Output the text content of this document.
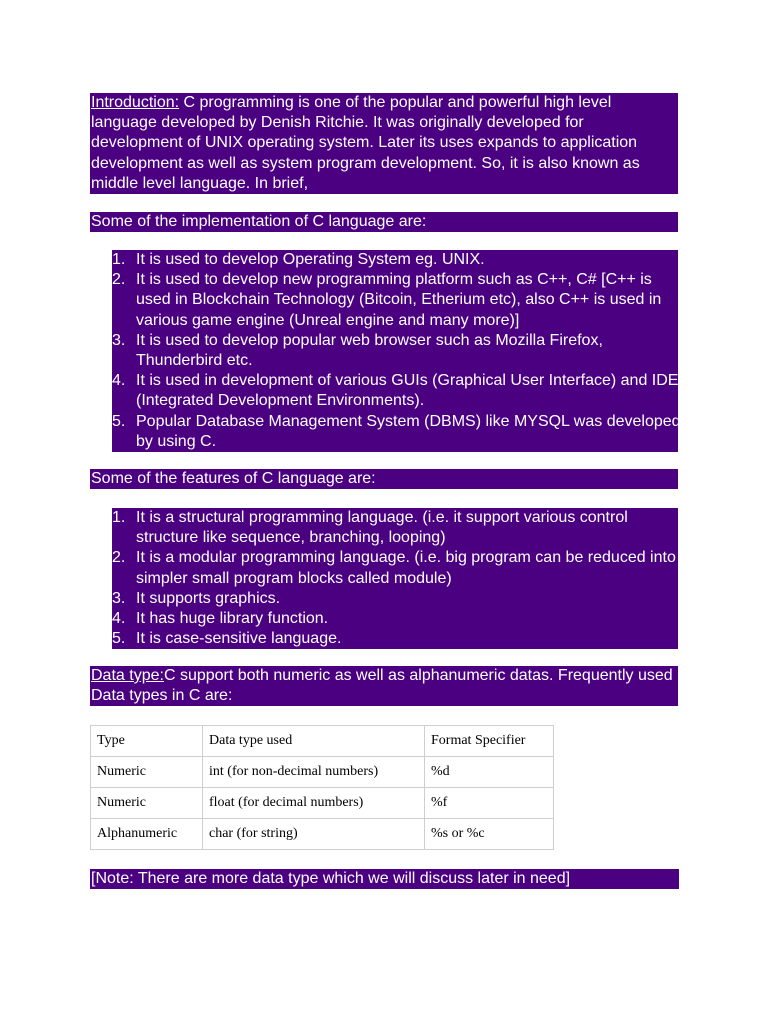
Introduction: C programming is one of the popular and powerful high level language developed by Denish Ritchie. It was originally developed for development of UNIX operating system. Later its uses expands to application development as well as system program development. So, it is also known as middle level language. In brief,

Some of the implementation of C language are:

1. It is used to develop Operating System eg. UNIX.
2. It is used to develop new programming platform such as C++, C# [C++ is used in Blockchain Technology (Bitcoin, Etherium etc), also C++ is used in various game engine (Unreal engine and many more)]
3. It is used to develop popular web browser such as Mozilla Firefox, Thunderbird etc.
4. It is used in development of various GUIs (Graphical User Interface) and IDEs (Integrated Development Environments).
5. Popular Database Management System (DBMS) like MYSQL was developed by using C.

Some of the features of C language are:

1. It is a structural programming language. (i.e. it support various control structure like sequence, branching, looping)
2. It is a modular programming language. (i.e. big program can be reduced into simpler small program blocks called module)
3. It supports graphics.
4. It has huge library function.
5. It is case-sensitive language.

Data type:C support both numeric as well as alphanumeric datas. Frequently used Data types in C are:

Type	Data type used	Format Specifier
Numeric	int (for non-decimal numbers)	%d
Numeric	float (for decimal numbers)	%f
Alphanumeric	char (for string)	%s or %c
[Note: There are more data type which we will discuss later in need]
